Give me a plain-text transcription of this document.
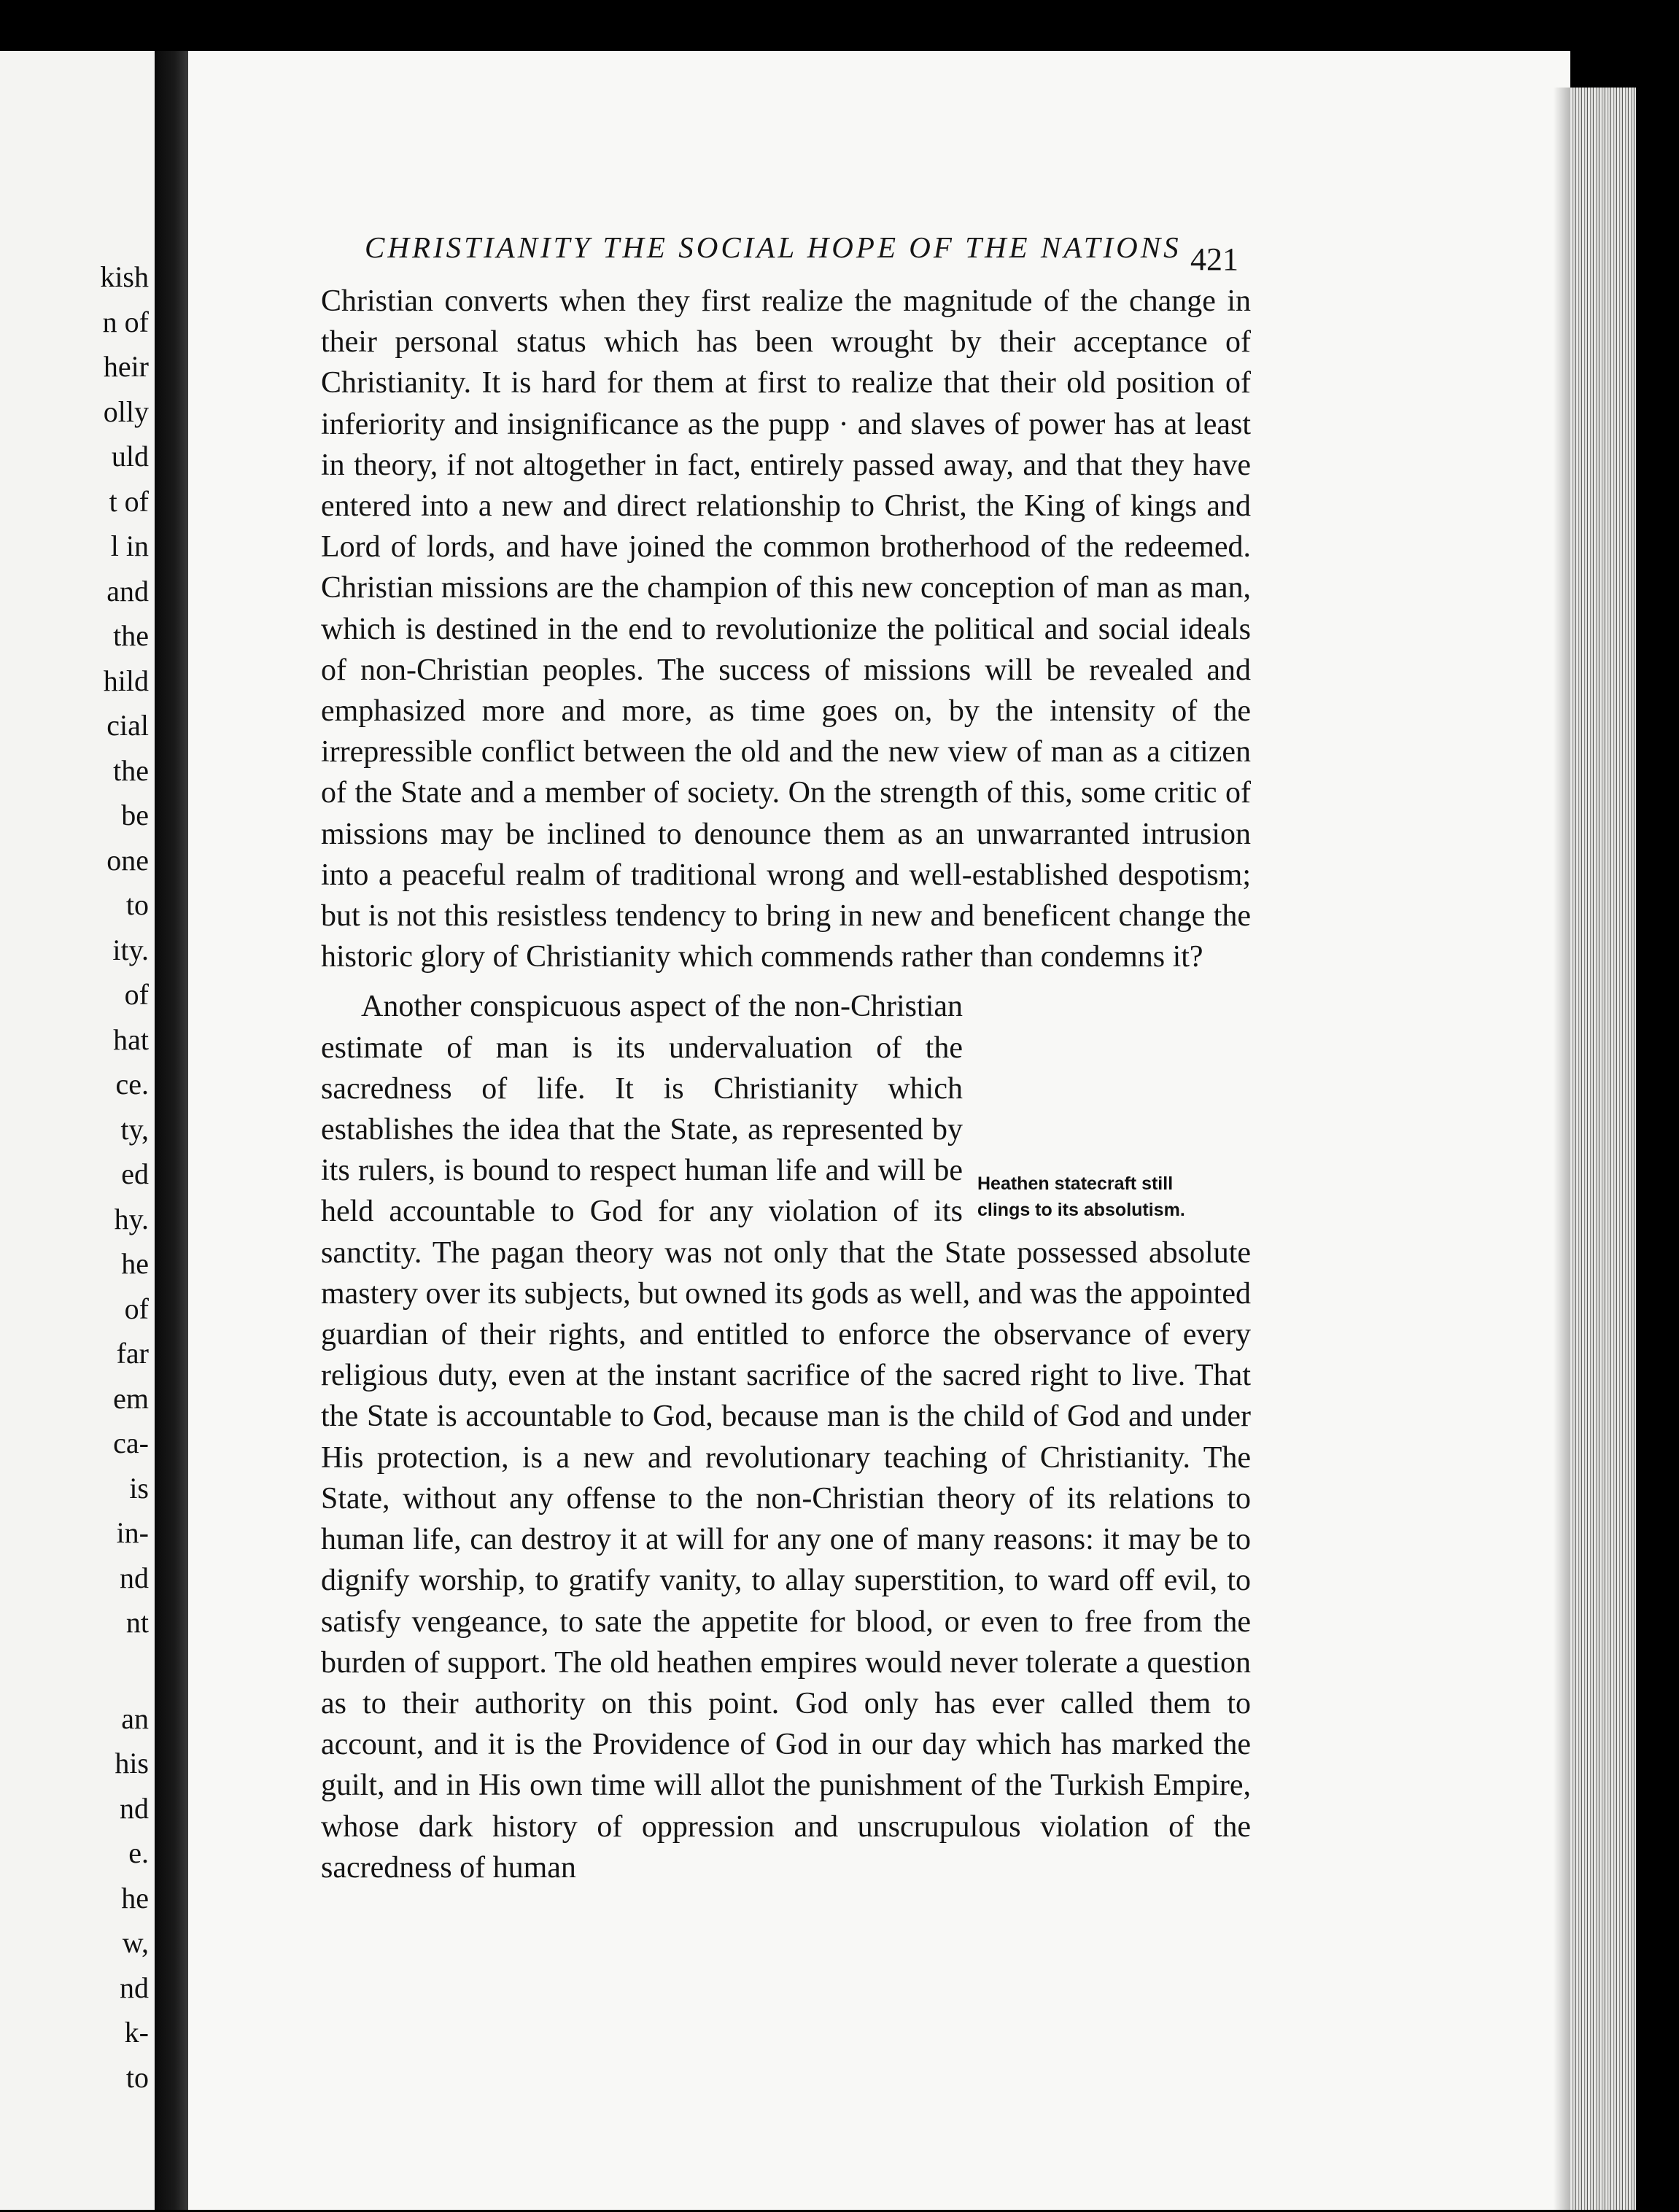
kish
n of
heir
olly
uld
t of
l in
and
the
hild
cial
the
be
one
to
ity.
of
hat
ce.
ty,
ed
hy.
he
of
far
em
ca-
is
in-
nd
nt
an
his
nd
e.
he
w,
nd
k-
to
CHRISTIANITY THE SOCIAL HOPE OF THE NATIONS 421

Christian converts when they first realize the magnitude of the change in their personal status which has been wrought by their acceptance of Christianity. It is hard for them at first to realize that their old position of inferiority and insignificance as the pupp · and slaves of power has at least in theory, if not altogether in fact, entirely passed away, and that they have entered into a new and direct relationship to Christ, the King of kings and Lord of lords, and have joined the common brotherhood of the redeemed. Christian missions are the champion of this new conception of man as man, which is destined in the end to revolutionize the political and social ideals of non-Christian peoples. The success of missions will be revealed and emphasized more and more, as time goes on, by the intensity of the irrepressible conflict between the old and the new view of man as a citizen of the State and a member of society. On the strength of this, some critic of missions may be inclined to denounce them as an unwarranted intrusion into a peaceful realm of traditional wrong and well-established despotism; but is not this resistless tendency to bring in new and beneficent change the historic glory of Christianity which commends rather than condemns it?

Another conspicuous aspect of the non-Christian estimate of man is its undervaluation of the sacredness of life. It is Christianity which establishes the idea that the State, as represented by its rulers, is bound to respect human life and will be held accountable to God for any violation of its sanctity. The pagan theory was not only that the State possessed absolute mastery over its subjects, but owned its gods as well, and was the appointed guardian of their rights, and entitled to enforce the observance of every religious duty, even at the instant sacrifice of the sacred right to live. That the State is accountable to God, because man is the child of God and under His protection, is a new and revolutionary teaching of Christianity. The State, without any offense to the non-Christian theory of its relations to human life, can destroy it at will for any one of many reasons: it may be to dignify worship, to gratify vanity, to allay superstition, to ward off evil, to satisfy vengeance, to sate the appetite for blood, or even to free from the burden of support. The old heathen empires would never tolerate a question as to their authority on this point. God only has ever called them to account, and it is the Providence of God in our day which has marked the guilt, and in His own time will allot the punishment of the Turkish Empire, whose dark history of oppression and unscrupulous violation of the sacredness of human

Heathen statecraft still
clings to its absolutism.
